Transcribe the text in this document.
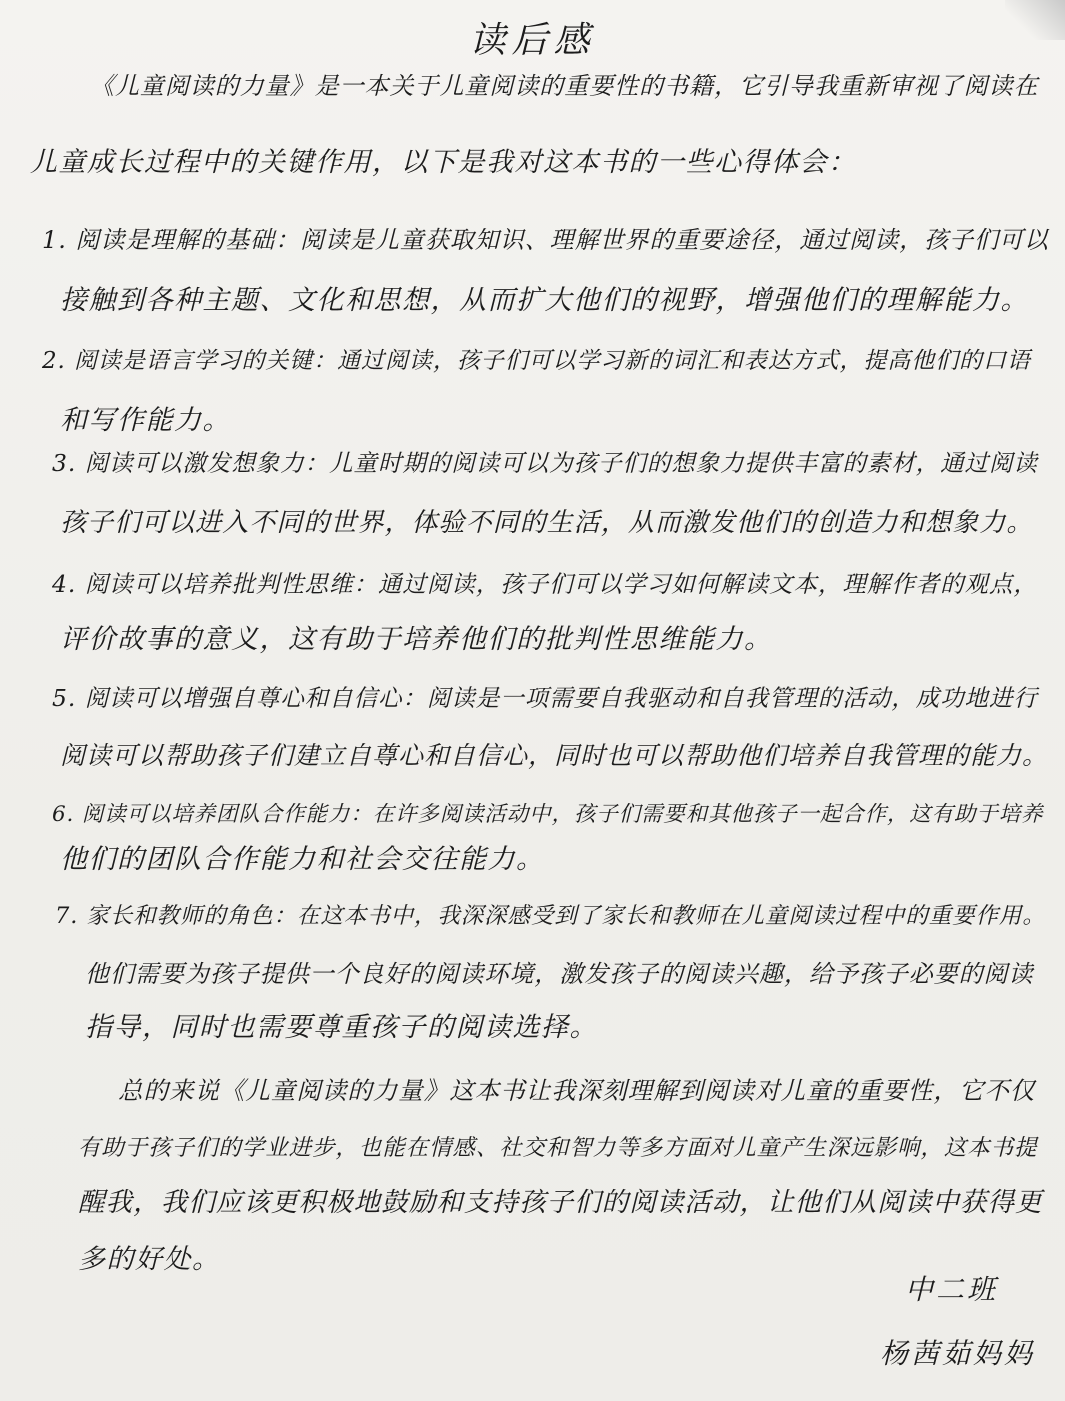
读后感
《儿童阅读的力量》是一本关于儿童阅读的重要性的书籍，它引导我重新审视了阅读在
儿童成长过程中的关键作用，以下是我对这本书的一些心得体会：
1. 阅读是理解的基础：阅读是儿童获取知识、理解世界的重要途径，通过阅读，孩子们可以
接触到各种主题、文化和思想，从而扩大他们的视野，增强他们的理解能力。
2. 阅读是语言学习的关键：通过阅读，孩子们可以学习新的词汇和表达方式，提高他们的口语
和写作能力。
3. 阅读可以激发想象力：儿童时期的阅读可以为孩子们的想象力提供丰富的素材，通过阅读
孩子们可以进入不同的世界，体验不同的生活，从而激发他们的创造力和想象力。
4. 阅读可以培养批判性思维：通过阅读，孩子们可以学习如何解读文本，理解作者的观点，
评价故事的意义，这有助于培养他们的批判性思维能力。
5. 阅读可以增强自尊心和自信心：阅读是一项需要自我驱动和自我管理的活动，成功地进行
阅读可以帮助孩子们建立自尊心和自信心，同时也可以帮助他们培养自我管理的能力。
6. 阅读可以培养团队合作能力：在许多阅读活动中，孩子们需要和其他孩子一起合作，这有助于培养
他们的团队合作能力和社会交往能力。
7. 家长和教师的角色：在这本书中，我深深感受到了家长和教师在儿童阅读过程中的重要作用。
他们需要为孩子提供一个良好的阅读环境，激发孩子的阅读兴趣，给予孩子必要的阅读
指导，同时也需要尊重孩子的阅读选择。
总的来说《儿童阅读的力量》这本书让我深刻理解到阅读对儿童的重要性，它不仅
有助于孩子们的学业进步，也能在情感、社交和智力等多方面对儿童产生深远影响，这本书提
醒我，我们应该更积极地鼓励和支持孩子们的阅读活动，让他们从阅读中获得更
多的好处。
中二班
杨茜茹妈妈
